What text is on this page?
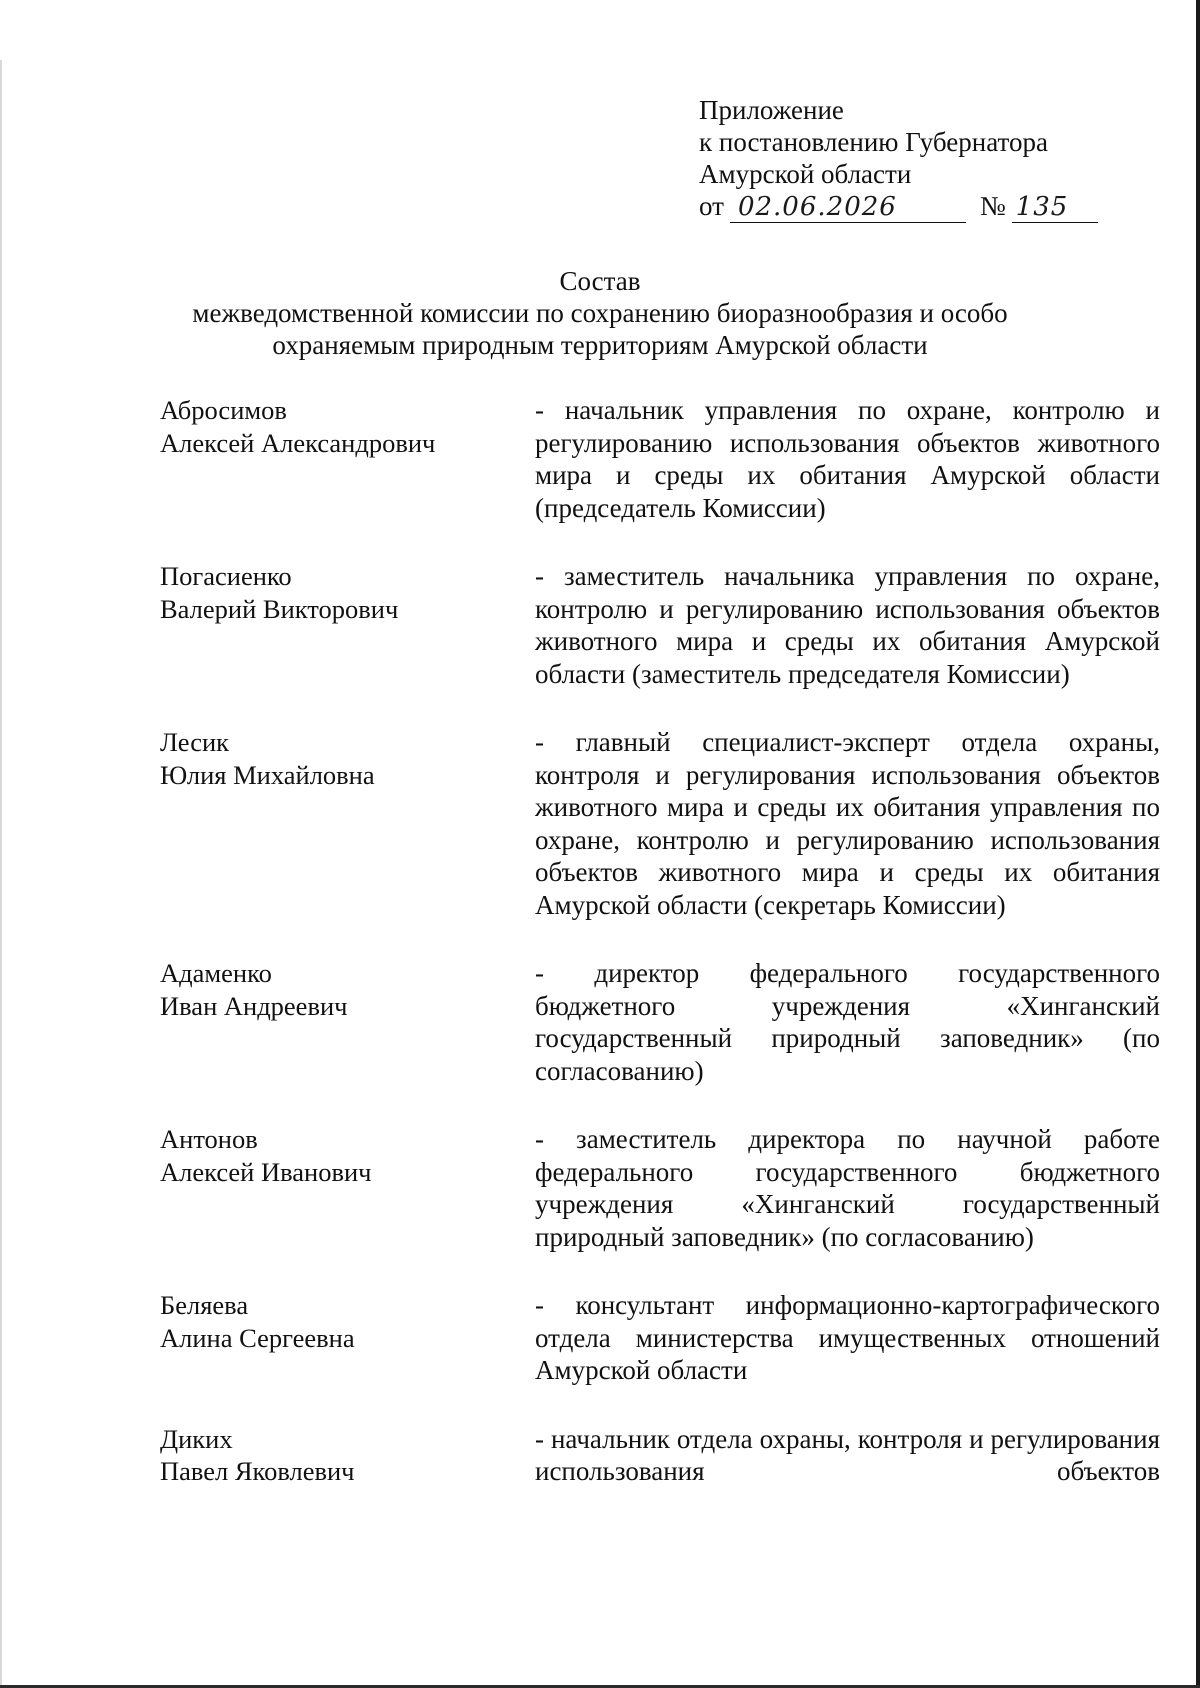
Приложение
к постановлению Губернатора
Амурской области
от 02.06.2026	№ 135
Состав
межведомственной комиссии по сохранению биоразнообразия и особо
охраняемым природным территориям Амурской области
Абросимов
Алексей Александрович
- начальник управления по охране, контролю и регулированию использования объектов животного мира и среды их обитания Амурской области (председатель Комиссии)
Погасиенко
Валерий Викторович
- заместитель начальника управления по охране, контролю и регулированию использования объектов животного мира и среды их обитания Амурской области (заместитель председателя Комиссии)
Лесик
Юлия Михайловна
- главный специалист-эксперт отдела охраны, контроля и регулирования использования объектов животного мира и среды их обитания управления по охране, контролю и регулированию использования объектов животного мира и среды их обитания Амурской области (секретарь Комиссии)
Адаменко
Иван Андреевич
- директор федерального государственного бюджетного учреждения «Хинганский государственный природный заповедник» (по согласованию)
Антонов
Алексей Иванович
- заместитель директора по научной работе федерального государственного бюджетного учреждения «Хинганский государственный природный заповедник» (по согласованию)
Беляева
Алина Сергеевна
- консультант информационно-картографического отдела министерства имущественных отношений Амурской области
Диких
Павел Яковлевич
- начальник отдела охраны, контроля и регулирования использования объектов
